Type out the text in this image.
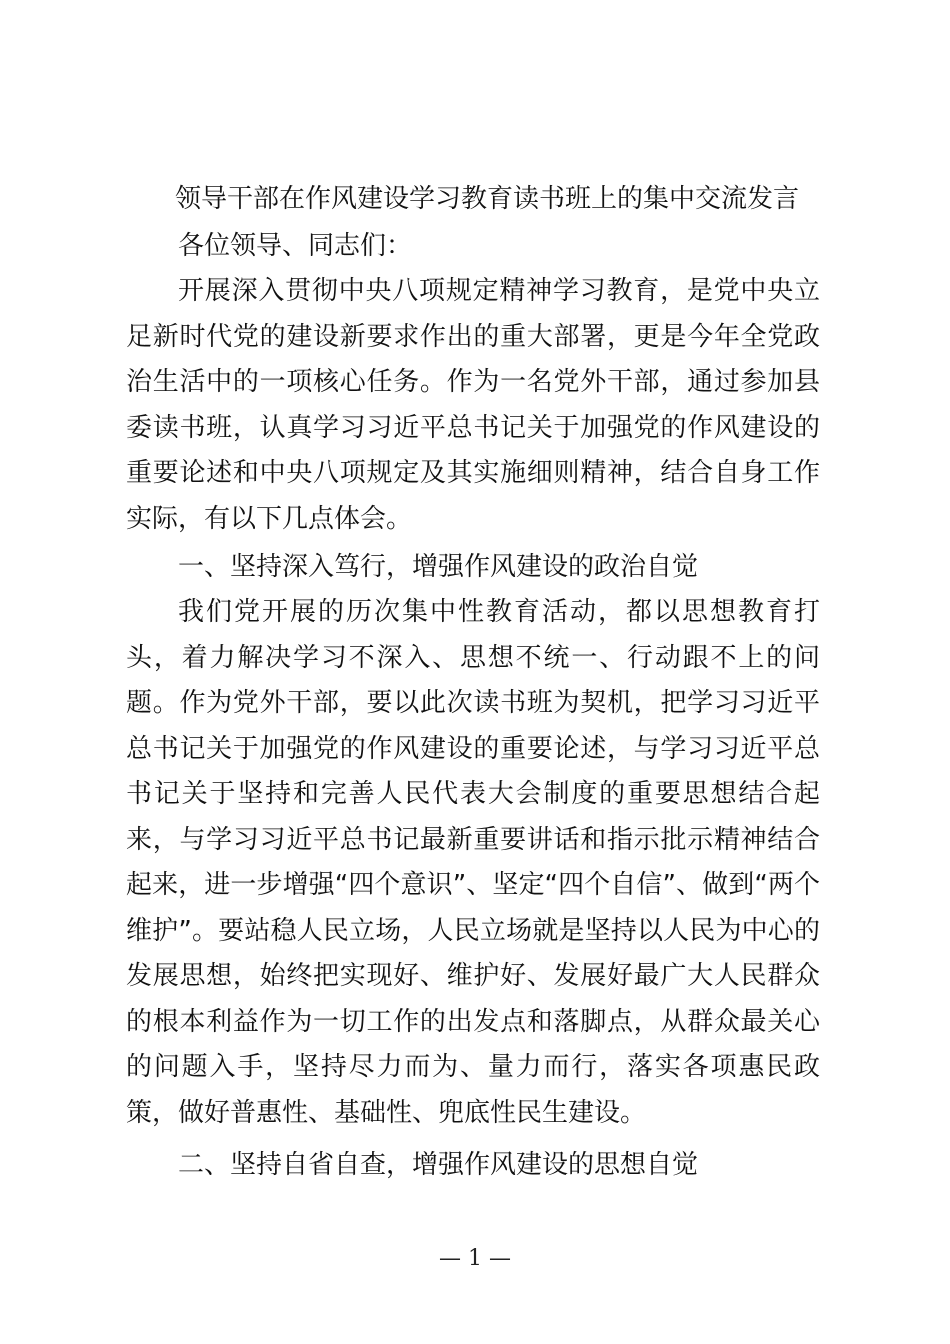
领导干部在作风建设学习教育读书班上的集中交流发言

各位领导、同志们：

开展深入贯彻中央八项规定精神学习教育，是党中央立足新时代党的建设新要求作出的重大部署，更是今年全党政治生活中的一项核心任务。作为一名党外干部，通过参加县委读书班，认真学习习近平总书记关于加强党的作风建设的重要论述和中央八项规定及其实施细则精神，结合自身工作实际，有以下几点体会。

一、坚持深入笃行，增强作风建设的政治自觉

我们党开展的历次集中性教育活动，都以思想教育打头，着力解决学习不深入、思想不统一、行动跟不上的问题。作为党外干部，要以此次读书班为契机，把学习习近平总书记关于加强党的作风建设的重要论述，与学习习近平总书记关于坚持和完善人民代表大会制度的重要思想结合起来，与学习习近平总书记最新重要讲话和指示批示精神结合起来，进一步增强“四个意识”、坚定“四个自信”、做到“两个维护”。要站稳人民立场，人民立场就是坚持以人民为中心的发展思想，始终把实现好、维护好、发展好最广大人民群众的根本利益作为一切工作的出发点和落脚点，从群众最关心的问题入手，坚持尽力而为、量力而行，落实各项惠民政策，做好普惠性、基础性、兜底性民生建设。

二、坚持自省自查，增强作风建设的思想自觉

— 1 —
